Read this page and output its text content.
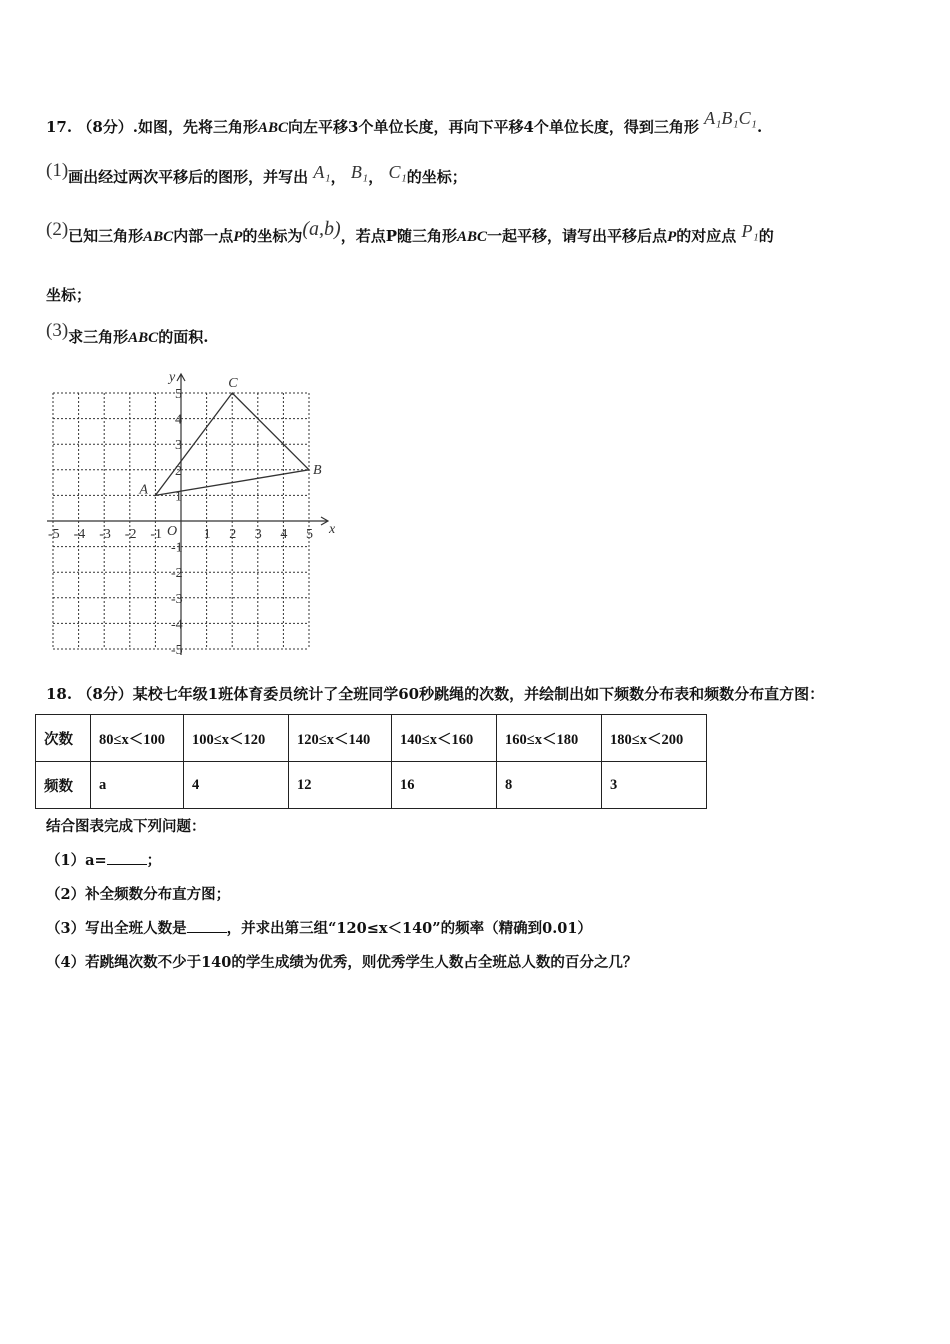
17. （8分）.如图，先将三角形ABC向左平移3个单位长度，再向下平移4个单位长度，得到三角形 A₁B₁C₁.
(1)画出经过两次平移后的图形，并写出 A₁， B₁， C₁的坐标；
(2)已知三角形ABC内部一点P的坐标为(a,b)，若点P随三角形ABC一起平移，请写出平移后点P的对应点 P₁的
坐标；
(3)求三角形ABC的面积.
x
y
O
-5 -4 -3 -2 -1	1 2 3 4 5
5
4
3
2
1
-1
-2
-3
-4
-5
A
B
C
18. （8分）某校七年级1班体育委员统计了全班同学60秒跳绳的次数，并绘制出如下频数分布表和频数分布直方图：
次数	80≤x＜100	100≤x＜120	120≤x＜140	140≤x＜160	160≤x＜180	180≤x＜200
频数	a	4	12	16	8	3
结合图表完成下列问题：
（1）a=	；
（2）补全频数分布直方图；
（3）写出全班人数是	，并求出第三组“120≤x＜140”的频率（精确到0.01）
（4）若跳绳次数不少于140的学生成绩为优秀，则优秀学生人数占全班总人数的百分之几？
